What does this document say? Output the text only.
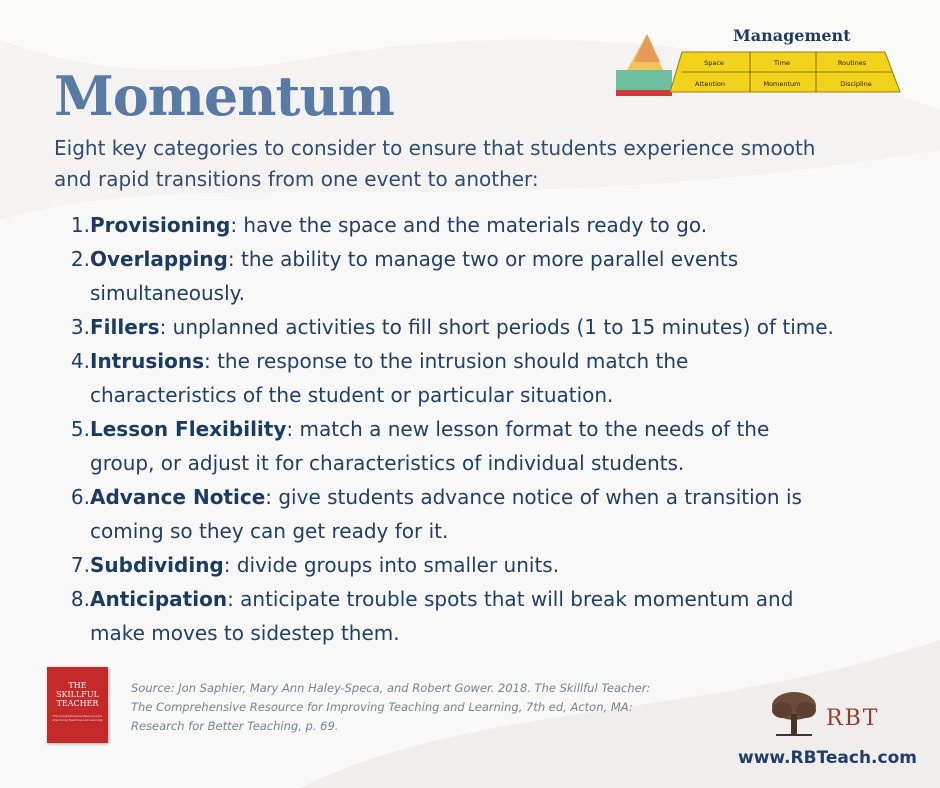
Management
Space	Time	Routines
Attention	Momentum	Discipline
Momentum

Eight key categories to consider to ensure that students experience smooth and rapid transitions from one event to another:

1. Provisioning: have the space and the materials ready to go.
2. Overlapping: the ability to manage two or more parallel events simultaneously.
3. Fillers: unplanned activities to fill short periods (1 to 15 minutes) of time.
4. Intrusions: the response to the intrusion should match the characteristics of the student or particular situation.
5. Lesson Flexibility: match a new lesson format to the needs of the group, or adjust it for characteristics of individual students.
6. Advance Notice: give students advance notice of when a transition is coming so they can get ready for it.
7. Subdividing: divide groups into smaller units.
8. Anticipation: anticipate trouble spots that will break momentum and make moves to sidestep them.
THE SKILLFUL TEACHER
The Comprehensive Resource for Improving Teaching and Learning

Source: Jon Saphier, Mary Ann Haley-Speca, and Robert Gower. 2018. The Skillful Teacher: The Comprehensive Resource for Improving Teaching and Learning, 7th ed, Acton, MA: Research for Better Teaching, p. 69.	RBT
www.RBTeach.com
